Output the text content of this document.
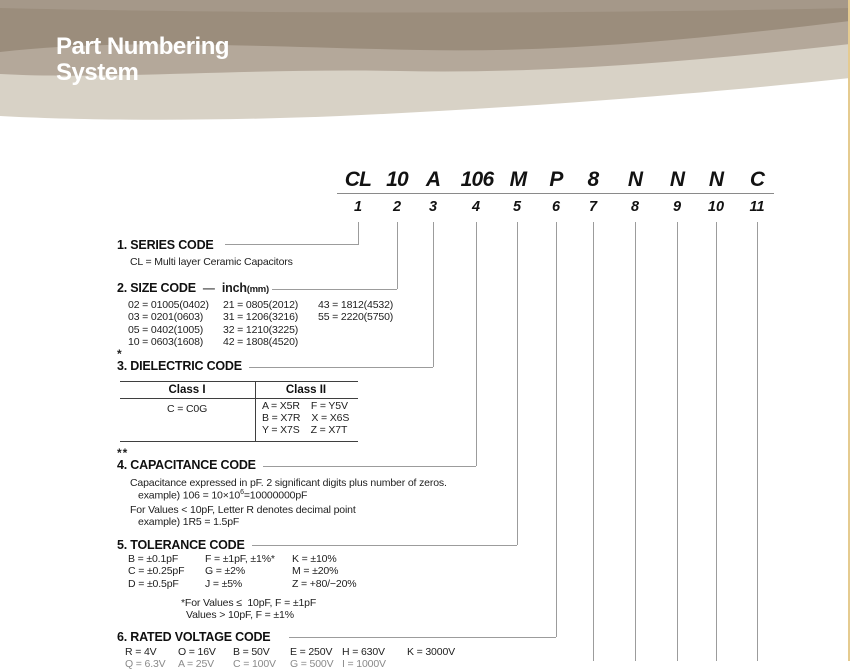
Part Numbering
System
CL 10 A 106 M P 8 N N N C
1 2 3 4 5 6 7 8 9 10 11
1. SERIES CODE
CL = Multi layer Ceramic Capacitors
2. SIZE CODE — inch (mm)
02 = 01005(0402)
03 = 0201(0603)
05 = 0402(1005)
10 = 0603(1608)
21 = 0805(2012)
31 = 1206(3216)
32 = 1210(3225)
42 = 1808(4520)
43 = 1812(4532)
55 = 2220(5750)
*
3. DIELECTRIC CODE
Class I	Class II
C = C0G	A = X5R    F = Y5V
B = X7R    X = X6S
Y = X7S    Z = X7T
**
4. CAPACITANCE CODE
Capacitance expressed in pF. 2 significant digits plus number of zeros.
example) $106 = 10\times 10^6=10000000pF$
For Values < 10pF, Letter R denotes decimal point
example) 1R5 = 1.5pF
5. TOLERANCE CODE
B = ±0.1pF
C = ±0.25pF
D = ±0.5pF
F = ±1pF, ±1%*
G = ±2%
J = ±5%
K = ±10%
M = ±20%
Z = +80/−20%
*For Values ≤  10pF, F = ±1pF
Values > 10pF, F = ±1%
6. RATED VOLTAGE CODE
R = 4V O = 16V B = 50V E = 250V H = 630V K = 3000V
Q = 6.3V A = 25V C = 100V G = 500V I = 1000V
